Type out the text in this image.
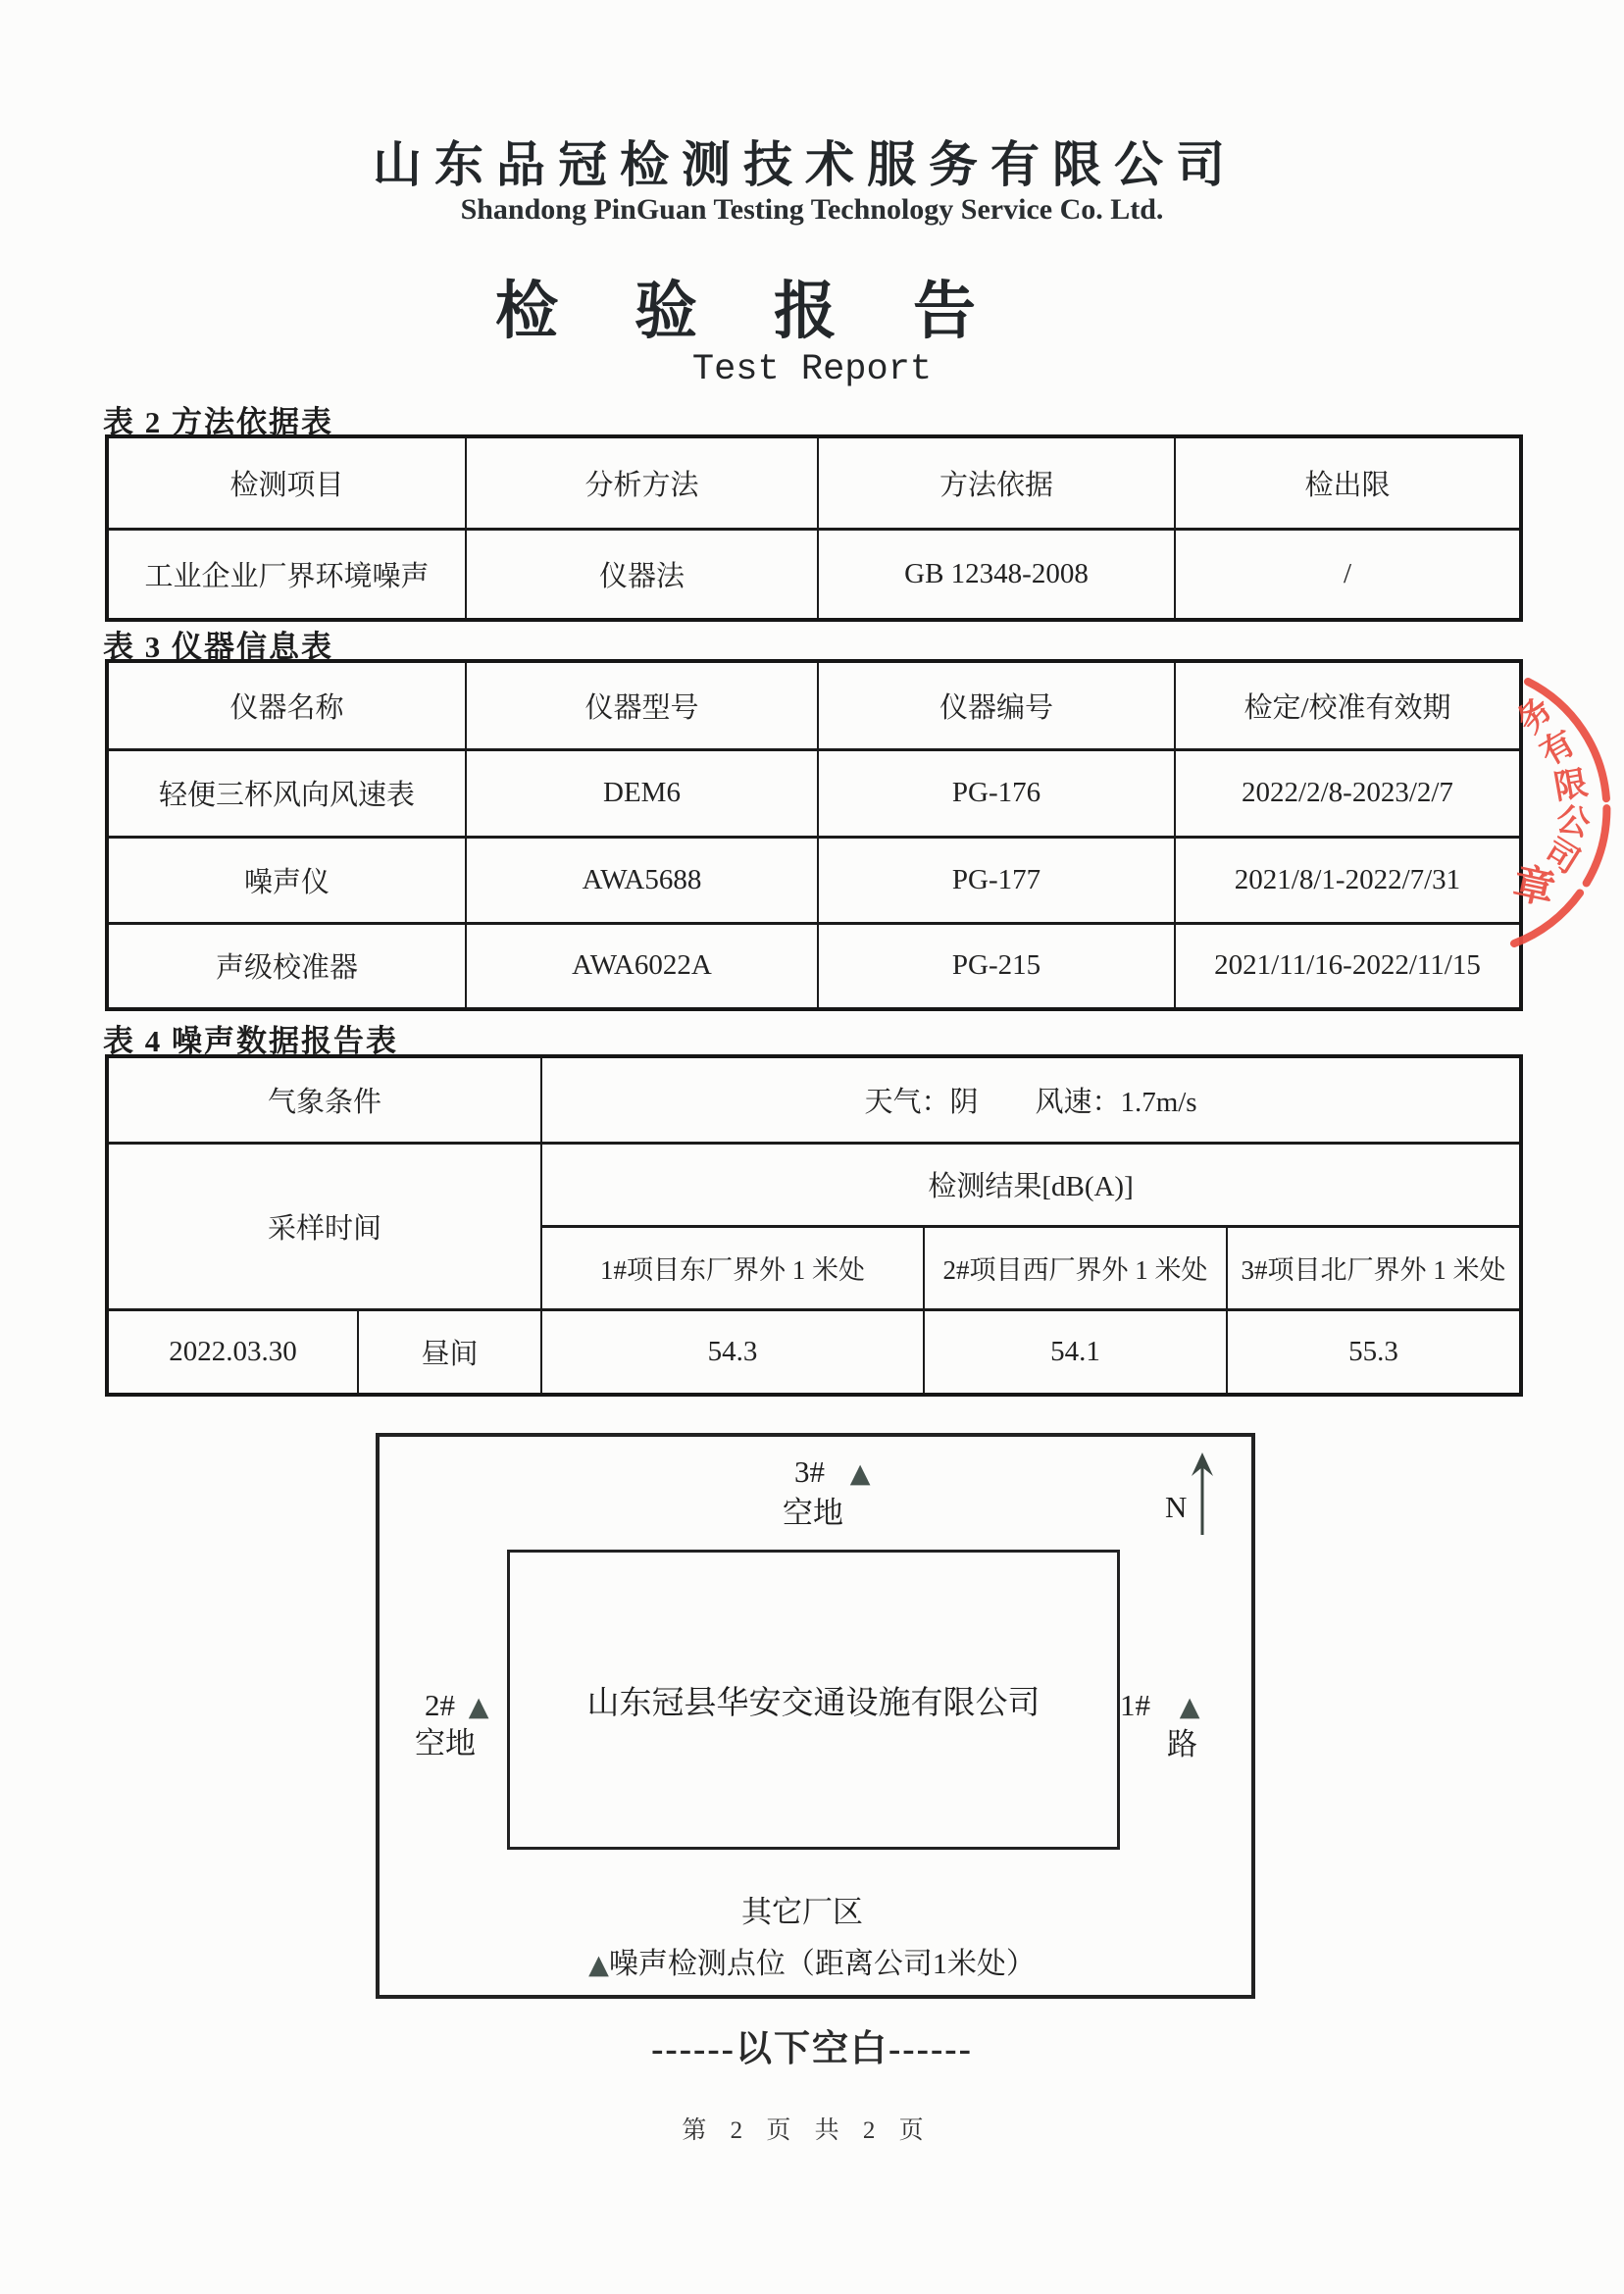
山东品冠检测技术服务有限公司
Shandong PinGuan Testing Technology Service Co. Ltd.
检验报告
Test Report
表 2 方法依据表
检测项目	分析方法	方法依据	检出限
工业企业厂界环境噪声	仪器法	GB 12348-2008	/
表 3 仪器信息表
仪器名称	仪器型号	仪器编号	检定/校准有效期
轻便三杯风向风速表	DEM6	PG-176	2022/2/8-2023/2/7
噪声仪	AWA5688	PG-177	2021/8/1-2022/7/31
声级校准器	AWA6022A	PG-215	2021/11/16-2022/11/15
表 4 噪声数据报告表
气象条件		天气：阴　　风速：1.7m/s		
采样时间		检测结果[dB(A)]		
		1#项目东厂界外 1 米处	2#项目西厂界外 1 米处	3#项目北厂界外 1 米处
2022.03.30	昼间	54.3	54.1	55.3
3# ▲
空地	N
山东冠县华安交通设施有限公司
2# ▲
空地
1# ▲
路
其它厂区
▲噪声检测点位（距离公司1米处）
务
有
限
公
司
章
------以下空白------
第 2 页 共 2 页
